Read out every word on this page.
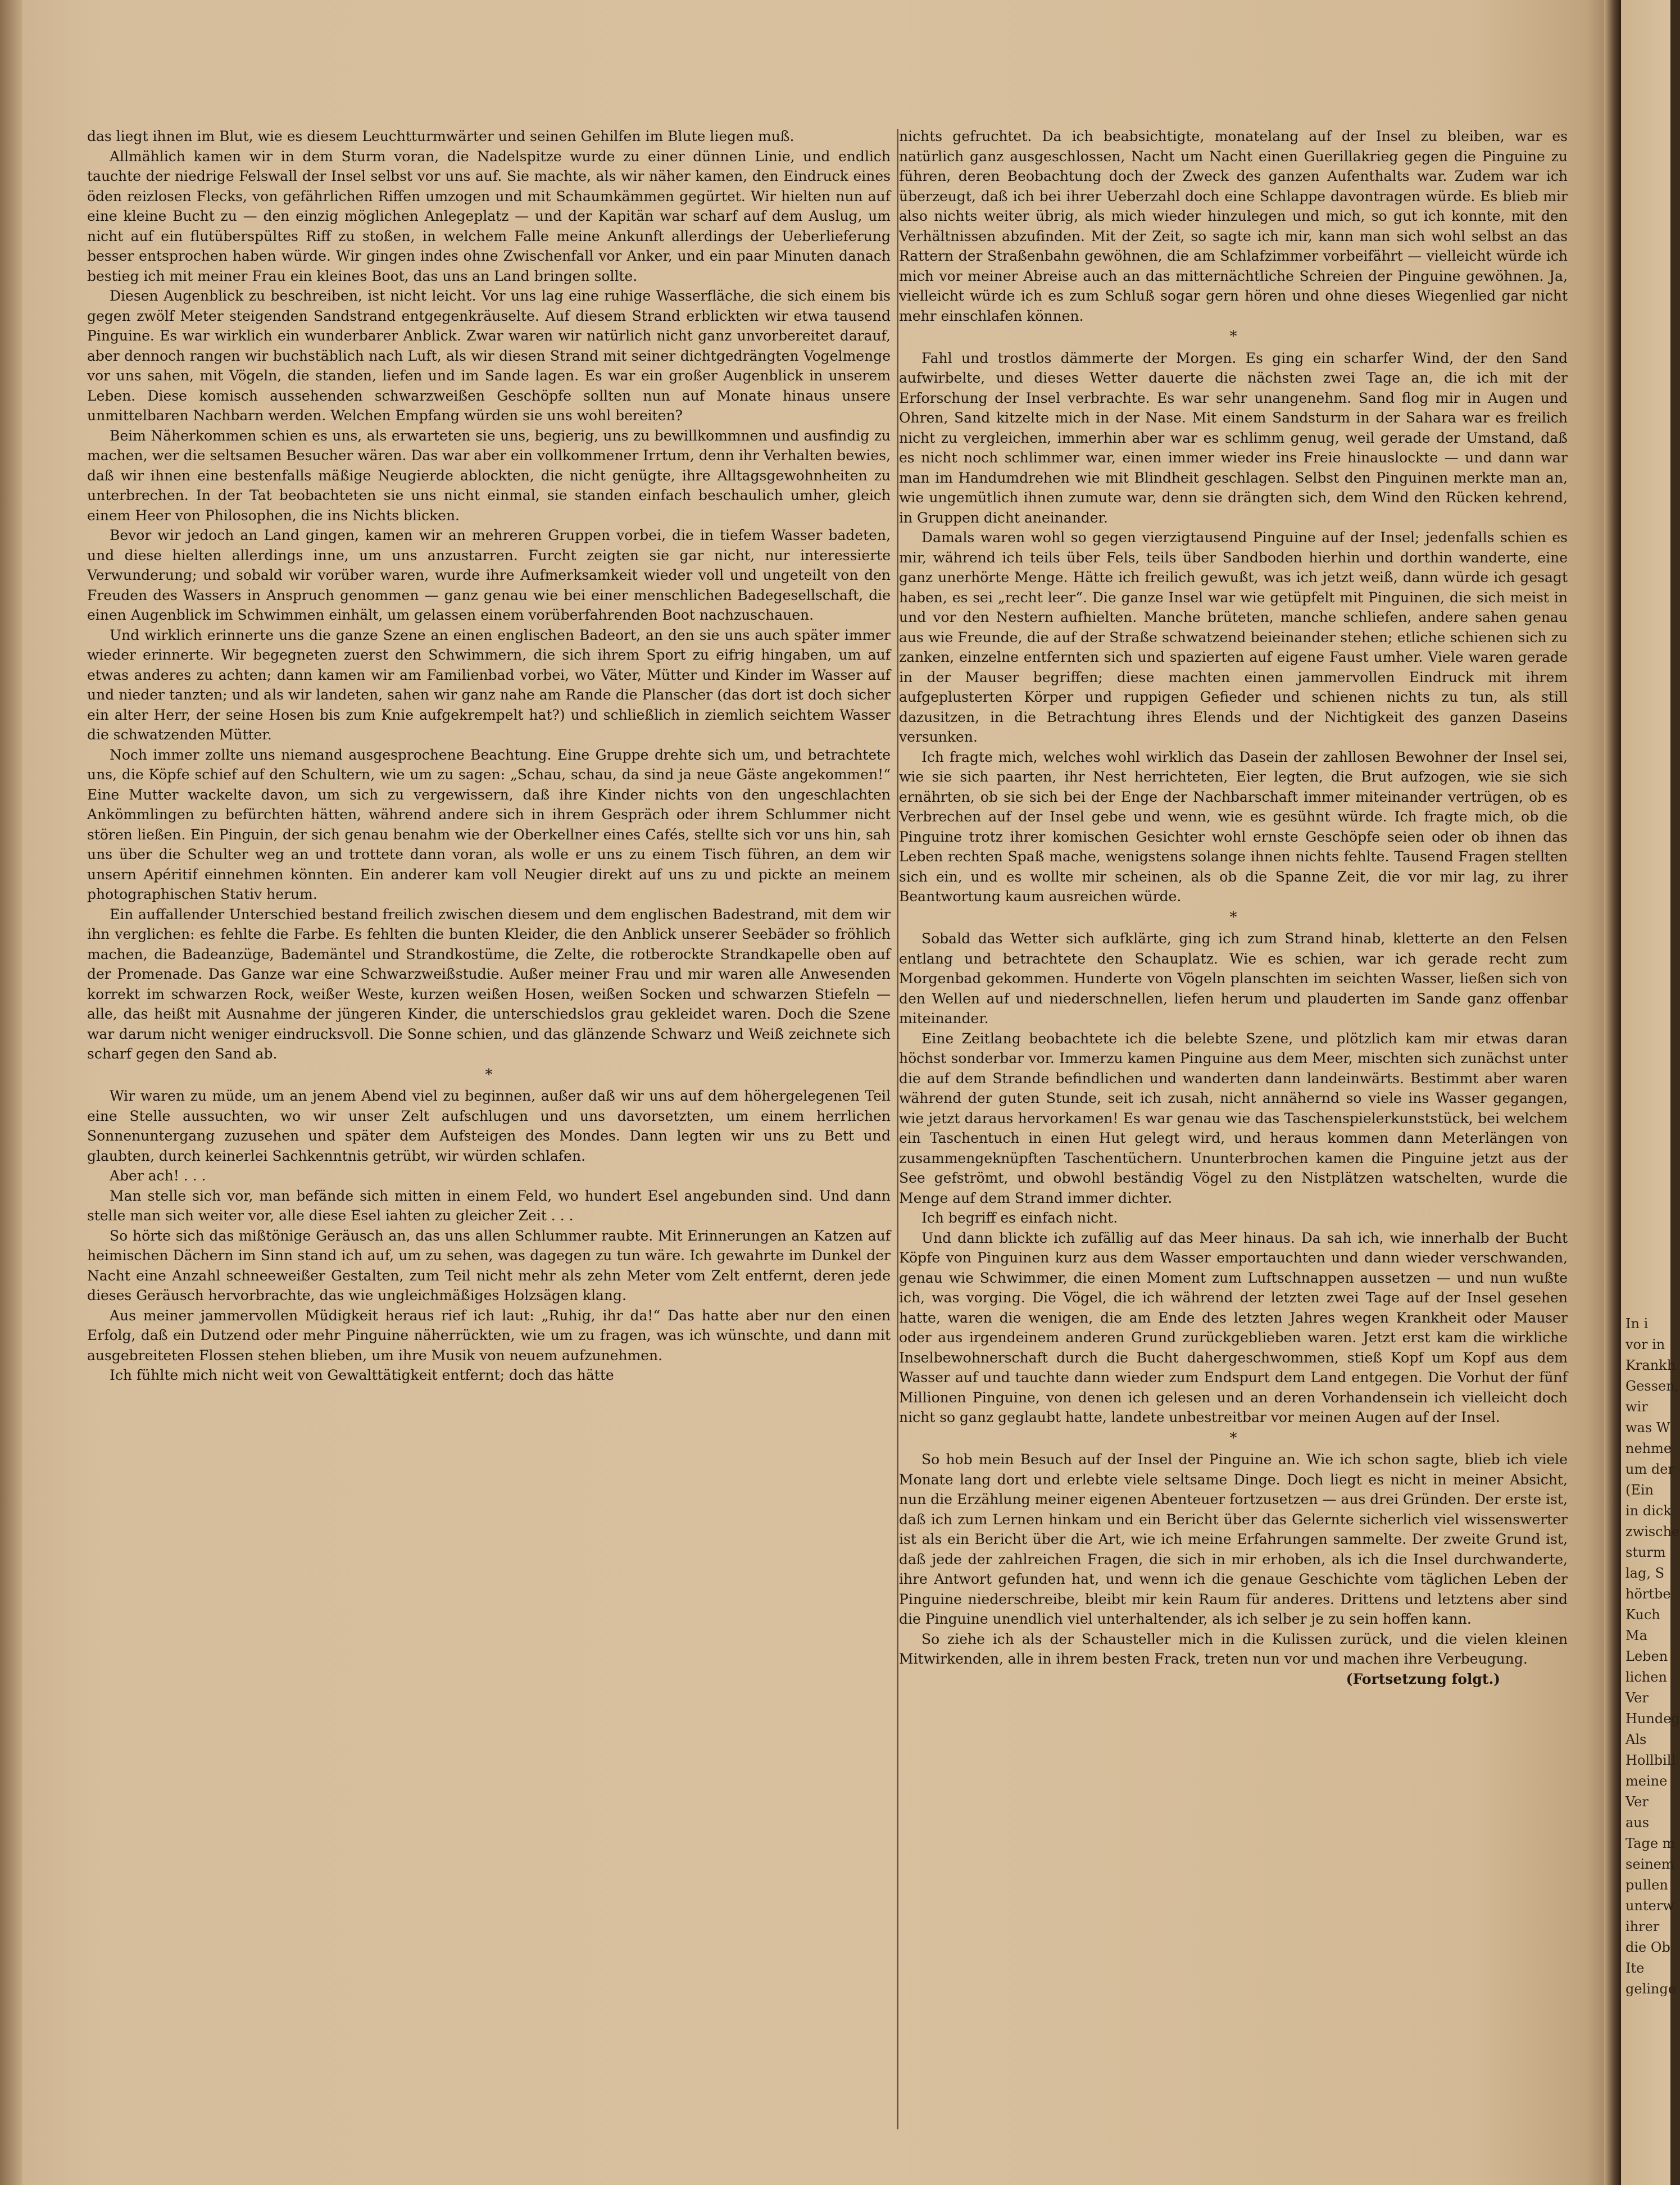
das liegt ihnen im Blut, wie es diesem Leuchtturmwärter und seinen Gehilfen im Blute liegen muß.

Allmählich kamen wir in dem Sturm voran, die Nadelspitze wurde zu einer dünnen Linie, und endlich tauchte der niedrige Felswall der Insel selbst vor uns auf. Sie machte, als wir näher kamen, den Eindruck eines öden reizlosen Flecks, von gefährlichen Riffen umzogen und mit Schaumkämmen gegürtet. Wir hielten nun auf eine kleine Bucht zu — den einzig möglichen Anlegeplatz — und der Kapitän war scharf auf dem Auslug, um nicht auf ein flutüberspültes Riff zu stoßen, in welchem Falle meine Ankunft allerdings der Ueberlieferung besser entsprochen haben würde. Wir gingen indes ohne Zwischenfall vor Anker, und ein paar Minuten danach bestieg ich mit meiner Frau ein kleines Boot, das uns an Land bringen sollte.

Diesen Augenblick zu beschreiben, ist nicht leicht. Vor uns lag eine ruhige Wasserfläche, die sich einem bis gegen zwölf Meter steigenden Sandstrand entgegenkräuselte. Auf diesem Strand erblickten wir etwa tausend Pinguine. Es war wirklich ein wunderbarer Anblick. Zwar waren wir natürlich nicht ganz unvorbereitet darauf, aber dennoch rangen wir buchstäblich nach Luft, als wir diesen Strand mit seiner dichtgedrängten Vogelmenge vor uns sahen, mit Vögeln, die standen, liefen und im Sande lagen. Es war ein großer Augenblick in unserem Leben. Diese komisch aussehenden schwarzweißen Geschöpfe sollten nun auf Monate hinaus unsere unmittelbaren Nachbarn werden. Welchen Empfang würden sie uns wohl bereiten?

Beim Näherkommen schien es uns, als erwarteten sie uns, begierig, uns zu bewillkommnen und ausfindig zu machen, wer die seltsamen Besucher wären. Das war aber ein vollkommener Irrtum, denn ihr Verhalten bewies, daß wir ihnen eine bestenfalls mäßige Neugierde ablockten, die nicht genügte, ihre Alltagsgewohnheiten zu unterbrechen. In der Tat beobachteten sie uns nicht einmal, sie standen einfach beschaulich umher, gleich einem Heer von Philosophen, die ins Nichts blicken.

Bevor wir jedoch an Land gingen, kamen wir an mehreren Gruppen vorbei, die in tiefem Wasser badeten, und diese hielten allerdings inne, um uns anzustarren. Furcht zeigten sie gar nicht, nur interessierte Verwunderung; und sobald wir vorüber waren, wurde ihre Aufmerksamkeit wieder voll und ungeteilt von den Freuden des Wassers in Anspruch genommen — ganz genau wie bei einer menschlichen Badegesellschaft, die einen Augenblick im Schwimmen einhält, um gelassen einem vorüberfahrenden Boot nachzuschauen.

Und wirklich erinnerte uns die ganze Szene an einen englischen Badeort, an den sie uns auch später immer wieder erinnerte. Wir begegneten zuerst den Schwimmern, die sich ihrem Sport zu eifrig hingaben, um auf etwas anderes zu achten; dann kamen wir am Familienbad vorbei, wo Väter, Mütter und Kinder im Wasser auf und nieder tanzten; und als wir landeten, sahen wir ganz nahe am Rande die Planscher (das dort ist doch sicher ein alter Herr, der seine Hosen bis zum Knie aufgekrempelt hat?) und schließlich in ziemlich seichtem Wasser die schwatzenden Mütter.

Noch immer zollte uns niemand ausgesprochene Beachtung. Eine Gruppe drehte sich um, und betrachtete uns, die Köpfe schief auf den Schultern, wie um zu sagen: „Schau, schau, da sind ja neue Gäste angekommen!“ Eine Mutter wackelte davon, um sich zu vergewissern, daß ihre Kinder nichts von den ungeschlachten Ankömmlingen zu befürchten hätten, während andere sich in ihrem Gespräch oder ihrem Schlummer nicht stören ließen. Ein Pinguin, der sich genau benahm wie der Oberkellner eines Cafés, stellte sich vor uns hin, sah uns über die Schulter weg an und trottete dann voran, als wolle er uns zu einem Tisch führen, an dem wir unsern Apéritif einnehmen könnten. Ein anderer kam voll Neugier direkt auf uns zu und pickte an meinem photographischen Stativ herum.

Ein auffallender Unterschied bestand freilich zwischen diesem und dem englischen Badestrand, mit dem wir ihn verglichen: es fehlte die Farbe. Es fehlten die bunten Kleider, die den Anblick unserer Seebäder so fröhlich machen, die Badeanzüge, Bademäntel und Strandkostüme, die Zelte, die rotberockte Strandkapelle oben auf der Promenade. Das Ganze war eine Schwarzweißstudie. Außer meiner Frau und mir waren alle Anwesenden korrekt im schwarzen Rock, weißer Weste, kurzen weißen Hosen, weißen Socken und schwarzen Stiefeln — alle, das heißt mit Ausnahme der jüngeren Kinder, die unterschiedslos grau gekleidet waren. Doch die Szene war darum nicht weniger eindrucksvoll. Die Sonne schien, und das glänzende Schwarz und Weiß zeichnete sich scharf gegen den Sand ab.

*

Wir waren zu müde, um an jenem Abend viel zu beginnen, außer daß wir uns auf dem höhergelegenen Teil eine Stelle aussuchten, wo wir unser Zelt aufschlugen und uns davorsetzten, um einem herrlichen Sonnenuntergang zuzusehen und später dem Aufsteigen des Mondes. Dann legten wir uns zu Bett und glaubten, durch keinerlei Sachkenntnis getrübt, wir würden schlafen.

Aber ach! . . .

Man stelle sich vor, man befände sich mitten in einem Feld, wo hundert Esel angebunden sind. Und dann stelle man sich weiter vor, alle diese Esel iahten zu gleicher Zeit . . .

So hörte sich das mißtönige Geräusch an, das uns allen Schlummer raubte. Mit Erinnerungen an Katzen auf heimischen Dächern im Sinn stand ich auf, um zu sehen, was dagegen zu tun wäre. Ich gewahrte im Dunkel der Nacht eine Anzahl schneeweißer Gestalten, zum Teil nicht mehr als zehn Meter vom Zelt entfernt, deren jede dieses Geräusch hervorbrachte, das wie ungleichmäßiges Holzsägen klang.

Aus meiner jammervollen Müdigkeit heraus rief ich laut: „Ruhig, ihr da!“ Das hatte aber nur den einen Erfolg, daß ein Dutzend oder mehr Pinguine näherrückten, wie um zu fragen, was ich wünschte, und dann mit ausgebreiteten Flossen stehen blieben, um ihre Musik von neuem aufzunehmen.

Ich fühlte mich nicht weit von Gewalttätigkeit entfernt; doch das hätte

nichts gefruchtet. Da ich beabsichtigte, monatelang auf der Insel zu bleiben, war es natürlich ganz ausgeschlossen, Nacht um Nacht einen Guerillakrieg gegen die Pinguine zu führen, deren Beobachtung doch der Zweck des ganzen Aufenthalts war. Zudem war ich überzeugt, daß ich bei ihrer Ueberzahl doch eine Schlappe davontragen würde. Es blieb mir also nichts weiter übrig, als mich wieder hinzulegen und mich, so gut ich konnte, mit den Verhältnissen abzufinden. Mit der Zeit, so sagte ich mir, kann man sich wohl selbst an das Rattern der Straßenbahn gewöhnen, die am Schlafzimmer vorbeifährt — vielleicht würde ich mich vor meiner Abreise auch an das mitternächtliche Schreien der Pinguine gewöhnen. Ja, vielleicht würde ich es zum Schluß sogar gern hören und ohne dieses Wiegenlied gar nicht mehr einschlafen können.

*

Fahl und trostlos dämmerte der Morgen. Es ging ein scharfer Wind, der den Sand aufwirbelte, und dieses Wetter dauerte die nächsten zwei Tage an, die ich mit der Erforschung der Insel verbrachte. Es war sehr unangenehm. Sand flog mir in Augen und Ohren, Sand kitzelte mich in der Nase. Mit einem Sandsturm in der Sahara war es freilich nicht zu vergleichen, immerhin aber war es schlimm genug, weil gerade der Umstand, daß es nicht noch schlimmer war, einen immer wieder ins Freie hinauslockte — und dann war man im Handumdrehen wie mit Blindheit geschlagen. Selbst den Pinguinen merkte man an, wie ungemütlich ihnen zumute war, denn sie drängten sich, dem Wind den Rücken kehrend, in Gruppen dicht aneinander.

Damals waren wohl so gegen vierzigtausend Pinguine auf der Insel; jedenfalls schien es mir, während ich teils über Fels, teils über Sandboden hierhin und dorthin wanderte, eine ganz unerhörte Menge. Hätte ich freilich gewußt, was ich jetzt weiß, dann würde ich gesagt haben, es sei „recht leer“. Die ganze Insel war wie getüpfelt mit Pinguinen, die sich meist in und vor den Nestern aufhielten. Manche brüteten, manche schliefen, andere sahen genau aus wie Freunde, die auf der Straße schwatzend beieinander stehen; etliche schienen sich zu zanken, einzelne entfernten sich und spazierten auf eigene Faust umher. Viele waren gerade in der Mauser begriffen; diese machten einen jammervollen Eindruck mit ihrem aufgeplusterten Körper und ruppigen Gefieder und schienen nichts zu tun, als still dazusitzen, in die Betrachtung ihres Elends und der Nichtigkeit des ganzen Daseins versunken.

Ich fragte mich, welches wohl wirklich das Dasein der zahllosen Bewohner der Insel sei, wie sie sich paarten, ihr Nest herrichteten, Eier legten, die Brut aufzogen, wie sie sich ernährten, ob sie sich bei der Enge der Nachbarschaft immer miteinander vertrügen, ob es Verbrechen auf der Insel gebe und wenn, wie es gesühnt würde. Ich fragte mich, ob die Pinguine trotz ihrer komischen Gesichter wohl ernste Geschöpfe seien oder ob ihnen das Leben rechten Spaß mache, wenigstens solange ihnen nichts fehlte. Tausend Fragen stellten sich ein, und es wollte mir scheinen, als ob die Spanne Zeit, die vor mir lag, zu ihrer Beantwortung kaum ausreichen würde.

*

Sobald das Wetter sich aufklärte, ging ich zum Strand hinab, kletterte an den Felsen entlang und betrachtete den Schauplatz. Wie es schien, war ich gerade recht zum Morgenbad gekommen. Hunderte von Vögeln planschten im seichten Wasser, ließen sich von den Wellen auf und niederschnellen, liefen herum und plauderten im Sande ganz offenbar miteinander.

Eine Zeitlang beobachtete ich die belebte Szene, und plötzlich kam mir etwas daran höchst sonderbar vor. Immerzu kamen Pinguine aus dem Meer, mischten sich zunächst unter die auf dem Strande befindlichen und wanderten dann landeinwärts. Bestimmt aber waren während der guten Stunde, seit ich zusah, nicht annähernd so viele ins Wasser gegangen, wie jetzt daraus hervorkamen! Es war genau wie das Taschenspielerkunststück, bei welchem ein Taschentuch in einen Hut gelegt wird, und heraus kommen dann Meterlängen von zusammengeknüpften Taschentüchern. Ununterbrochen kamen die Pinguine jetzt aus der See gefströmt, und obwohl beständig Vögel zu den Nistplätzen watschelten, wurde die Menge auf dem Strand immer dichter.

Ich begriff es einfach nicht.

Und dann blickte ich zufällig auf das Meer hinaus. Da sah ich, wie innerhalb der Bucht Köpfe von Pinguinen kurz aus dem Wasser emportauchten und dann wieder verschwanden, genau wie Schwimmer, die einen Moment zum Luftschnappen aussetzen — und nun wußte ich, was vorging. Die Vögel, die ich während der letzten zwei Tage auf der Insel gesehen hatte, waren die wenigen, die am Ende des letzten Jahres wegen Krankheit oder Mauser oder aus irgendeinem anderen Grund zurückgeblieben waren. Jetzt erst kam die wirkliche Inselbewohnerschaft durch die Bucht dahergeschwommen, stieß Kopf um Kopf aus dem Wasser auf und tauchte dann wieder zum Endspurt dem Land entgegen. Die Vorhut der fünf Millionen Pinguine, von denen ich gelesen und an deren Vorhandensein ich vielleicht doch nicht so ganz geglaubt hatte, landete unbestreitbar vor meinen Augen auf der Insel.

*

So hob mein Besuch auf der Insel der Pinguine an. Wie ich schon sagte, blieb ich viele Monate lang dort und erlebte viele seltsame Dinge. Doch liegt es nicht in meiner Absicht, nun die Erzählung meiner eigenen Abenteuer fortzusetzen — aus drei Gründen. Der erste ist, daß ich zum Lernen hinkam und ein Bericht über das Gelernte sicherlich viel wissenswerter ist als ein Bericht über die Art, wie ich meine Erfahrungen sammelte. Der zweite Grund ist, daß jede der zahlreichen Fragen, die sich in mir erhoben, als ich die Insel durchwanderte, ihre Antwort gefunden hat, und wenn ich die genaue Geschichte vom täglichen Leben der Pinguine niederschreibe, bleibt mir kein Raum für anderes. Drittens und letztens aber sind die Pinguine unendlich viel unterhaltender, als ich selber je zu sein hoffen kann.

So ziehe ich als der Schausteller mich in die Kulissen zurück, und die vielen kleinen Mitwirkenden, alle in ihrem besten Frack, treten nun vor und machen ihre Verbeugung.

(Fortsetzung folgt.)

In i
vor in
Krankh
Gessen,
wir
was W
nehme
um der
(Ein
in dick
zwische
sturm
lag, S
hörtbe
Kuch
Ma
Leben
lichen
Ver
Hundeg
Als
Hollbill
meine
Ver
aus
Tage m
seinem
pullen
unterw
ihrer
die Ob
Ite
gelinge
